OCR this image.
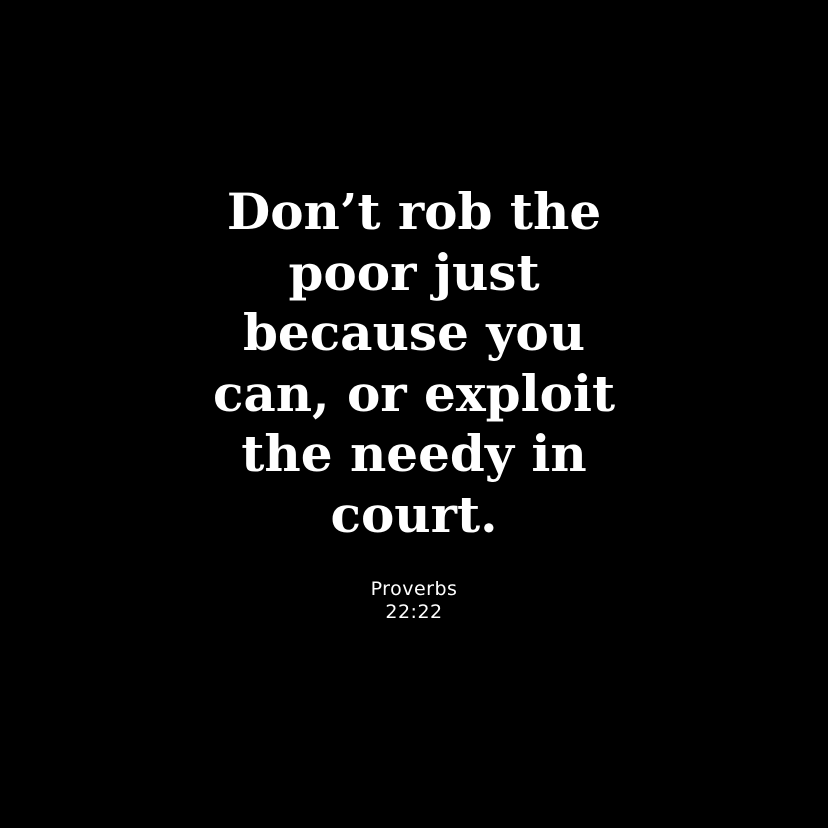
Don’t rob the
poor just
because you
can, or exploit
the needy in
court.

Proverbs
22:22
